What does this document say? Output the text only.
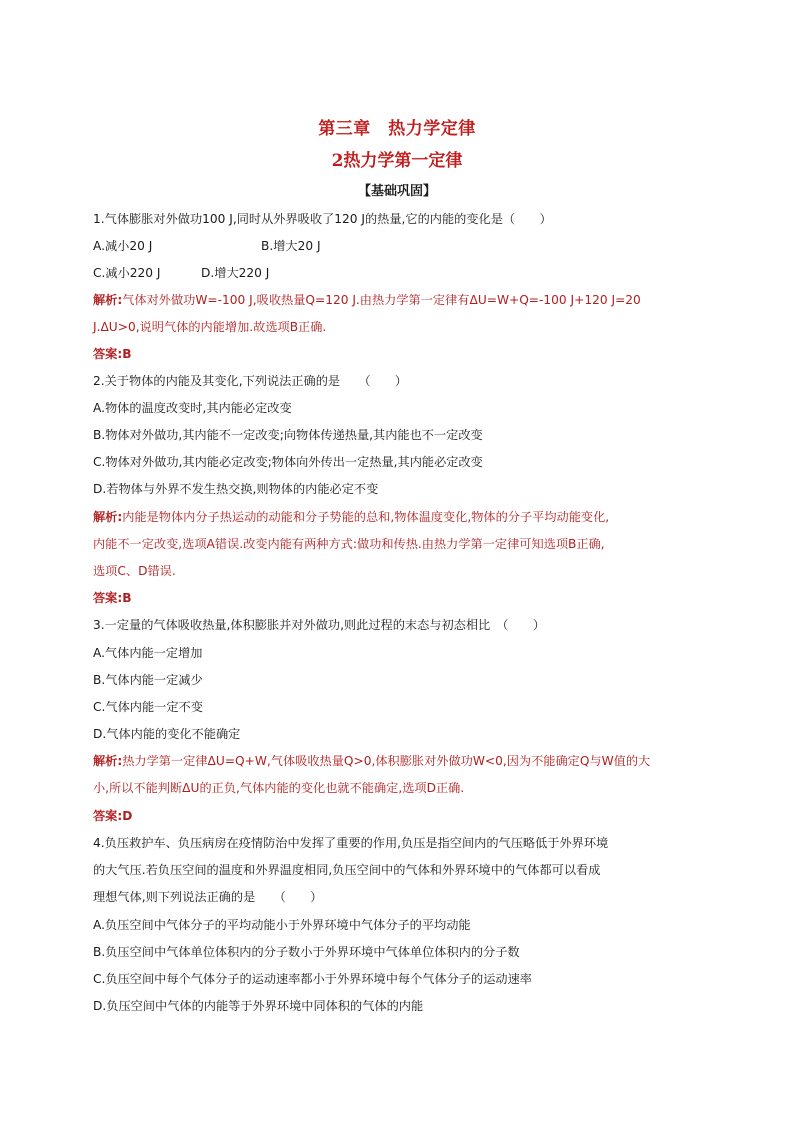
第三章　热力学定律
2热力学第一定律
【基础巩固】
1.气体膨胀对外做功100 J,同时从外界吸收了120 J的热量,它的内能的变化是（　　）
A.减小20 J	B.增大20 J
C.减小220 J	D.增大220 J
解析:气体对外做功W=-100 J,吸收热量Q=120 J.由热力学第一定律有ΔU=W+Q=-100 J+120 J=20
J.ΔU>0,说明气体的内能增加.故选项B正确.
答案:B
2.关于物体的内能及其变化,下列说法正确的是　　（　　）
A.物体的温度改变时,其内能必定改变
B.物体对外做功,其内能不一定改变;向物体传递热量,其内能也不一定改变
C.物体对外做功,其内能必定改变;物体向外传出一定热量,其内能必定改变
D.若物体与外界不发生热交换,则物体的内能必定不变
解析:内能是物体内分子热运动的动能和分子势能的总和,物体温度变化,物体的分子平均动能变化,
内能不一定改变,选项A错误.改变内能有两种方式:做功和传热.由热力学第一定律可知选项B正确,
选项C、D错误.
答案:B
3.一定量的气体吸收热量,体积膨胀并对外做功,则此过程的末态与初态相比　（　　）
A.气体内能一定增加
B.气体内能一定减少
C.气体内能一定不变
D.气体内能的变化不能确定
解析:热力学第一定律ΔU=Q+W,气体吸收热量Q>0,体积膨胀对外做功W<0,因为不能确定Q与W值的大
小,所以不能判断ΔU的正负,气体内能的变化也就不能确定,选项D正确.
答案:D
4.负压救护车、负压病房在疫情防治中发挥了重要的作用,负压是指空间内的气压略低于外界环境
的大气压.若负压空间的温度和外界温度相同,负压空间中的气体和外界环境中的气体都可以看成
理想气体,则下列说法正确的是　　（　　）
A.负压空间中气体分子的平均动能小于外界环境中气体分子的平均动能
B.负压空间中气体单位体积内的分子数小于外界环境中气体单位体积内的分子数
C.负压空间中每个气体分子的运动速率都小于外界环境中每个气体分子的运动速率
D.负压空间中气体的内能等于外界环境中同体积的气体的内能
